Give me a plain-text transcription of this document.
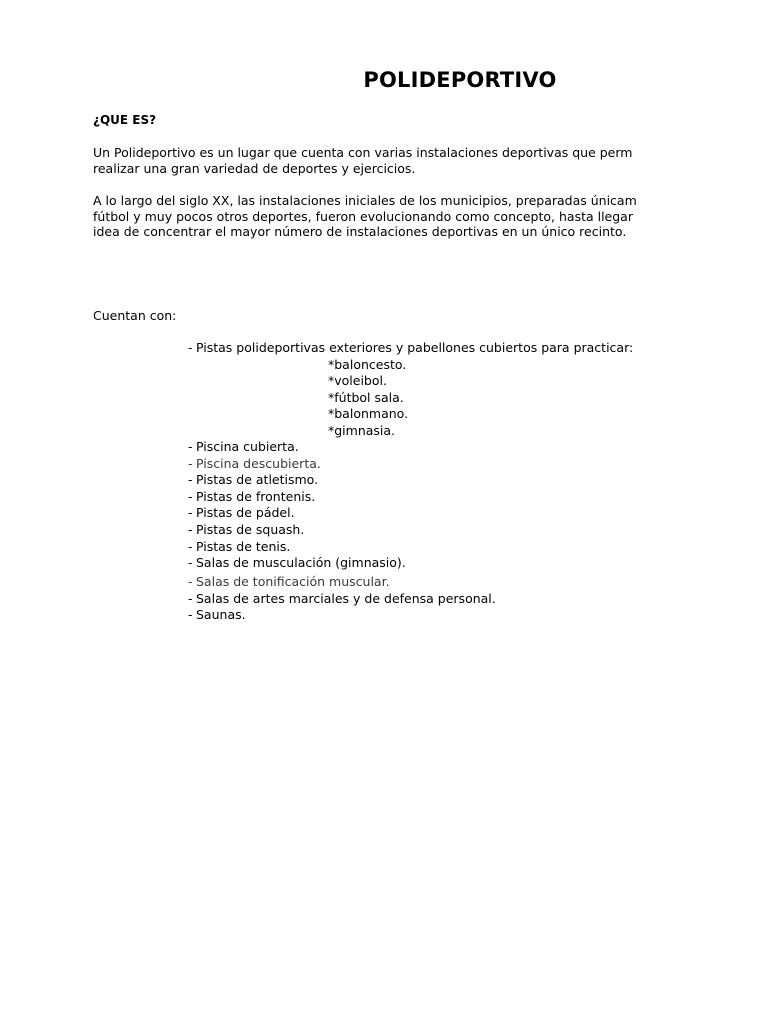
POLIDEPORTIVO

¿QUE ES?

Un Polideportivo es un lugar que cuenta con varias instalaciones deportivas que perm
realizar una gran variedad de deportes y ejercicios.
A lo largo del siglo XX, las instalaciones iniciales de los municipios, preparadas únicam
fútbol y muy pocos otros deportes, fueron evolucionando como concepto, hasta llegar
idea de concentrar el mayor número de instalaciones deportivas en un único recinto.

Cuentan con:

- Pistas polideportivas exteriores y pabellones cubiertos para practicar:
*baloncesto.
*voleibol.
*fútbol sala.
*balonmano.
*gimnasia.
- Piscina cubierta.
- Piscina descubierta.
- Pistas de atletismo.
- Pistas de frontenis.
- Pistas de pádel.
- Pistas de squash.
- Pistas de tenis.
- Salas de musculación (gimnasio).
- Salas de tonificación muscular.
- Salas de artes marciales y de defensa personal.
- Saunas.
